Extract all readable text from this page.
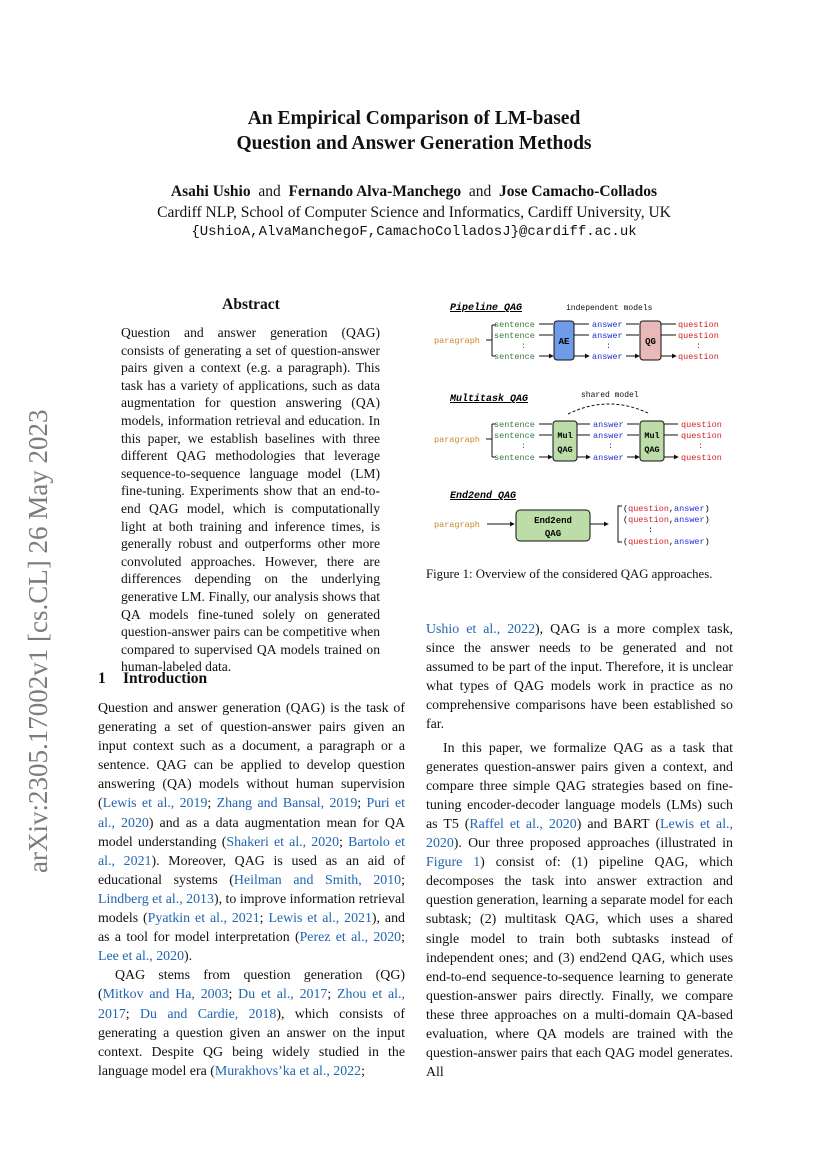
An Empirical Comparison of LM-based
Question and Answer Generation Methods
Asahi Ushio and Fernando Alva-Manchego and Jose Camacho-Collados
Cardiff NLP, School of Computer Science and Informatics, Cardiff University, UK
{UshioA,AlvaManchegoF,CamachoColladosJ}@cardiff.ac.uk
arXiv:2305.17002v1 [cs.CL] 26 May 2023
Abstract

Question and answer generation (QAG) consists of generating a set of question-answer pairs given a context (e.g. a paragraph). This task has a variety of applications, such as data augmentation for question answering (QA) models, information retrieval and education. In this paper, we establish baselines with three different QAG methodologies that leverage sequence-to-sequence language model (LM) fine-tuning. Experiments show that an end-to-end QAG model, which is computationally light at both training and inference times, is generally robust and outperforms other more convoluted approaches. However, there are differences depending on the underlying generative LM. Finally, our analysis shows that QA models fine-tuned solely on generated question-answer pairs can be competitive when compared to supervised QA models trained on human-labeled data.

1 Introduction

Question and answer generation (QAG) is the task of generating a set of question-answer pairs given an input context such as a document, a paragraph or a sentence. QAG can be applied to develop question answering (QA) models without human supervision (Lewis et al., 2019; Zhang and Bansal, 2019; Puri et al., 2020) and as a data augmentation mean for QA model understanding (Shakeri et al., 2020; Bartolo et al., 2021). Moreover, QAG is used as an aid of educational systems (Heilman and Smith, 2010; Lindberg et al., 2013), to improve information retrieval models (Pyatkin et al., 2021; Lewis et al., 2021), and as a tool for model interpretation (Perez et al., 2020; Lee et al., 2020).

QAG stems from question generation (QG) (Mitkov and Ha, 2003; Du et al., 2017; Zhou et al., 2017; Du and Cardie, 2018), which consists of generating a question given an answer on the input context. Despite QG being widely studied in the language model era (Murakhovs’ka et al., 2022;

Ushio et al., 2022), QAG is a more complex task, since the answer needs to be generated and not assumed to be part of the input. Therefore, it is unclear what types of QAG models work in practice as no comprehensive comparisons have been established so far.

In this paper, we formalize QAG as a task that generates question-answer pairs given a context, and compare three simple QAG strategies based on fine-tuning encoder-decoder language models (LMs) such as T5 (Raffel et al., 2020) and BART (Lewis et al., 2020). Our three proposed approaches (illustrated in Figure 1) consist of: (1) pipeline QAG, which decomposes the task into answer extraction and question generation, learning a separate model for each subtask; (2) multitask QAG, which uses a shared single model to train both subtasks instead of independent ones; and (3) end2end QAG, which uses end-to-end sequence-to-sequence learning to generate question-answer pairs directly. Finally, we compare these three approaches on a multi-domain QA-based evaluation, where QA models are trained with the question-answer pairs that each QAG model generates. All

Pipeline QAG	independent models
paragraph
sentence
sentence
:
sentence
AE
answer
answer
:
answer
QG
question
question
:
question
Multitask QAG	shared model
paragraph
sentence
sentence
:
sentence
Mul
QAG
answer
answer
:
answer
Mul
QAG
question
question
:
question
End2end QAG
paragraph	End2end
QAG
(question,answer)
(question,answer)
:
(question,answer)
Figure 1: Overview of the considered QAG approaches.
